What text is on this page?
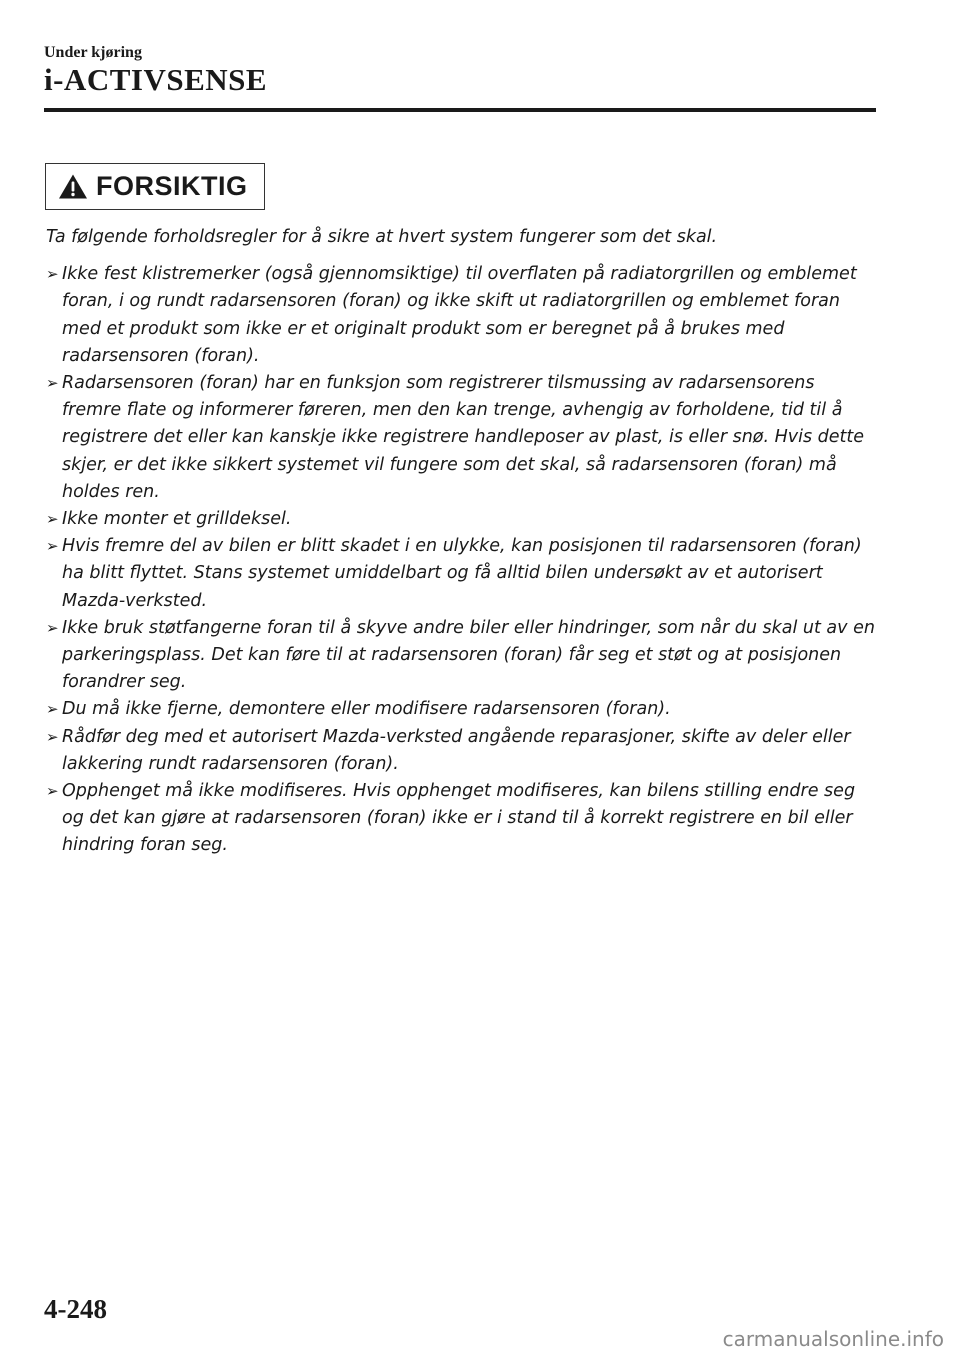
Under kjøring
i-ACTIVSENSE
FORSIKTIG

Ta følgende forholdsregler for å sikre at hvert system fungerer som det skal.

➢ Ikke fest klistremerker (også gjennomsiktige) til overflaten på radiatorgrillen og emblemet foran, i og rundt radarsensoren (foran) og ikke skift ut radiatorgrillen og emblemet foran med et produkt som ikke er et originalt produkt som er beregnet på å brukes med radarsensoren (foran).
➢ Radarsensoren (foran) har en funksjon som registrerer tilsmussing av radarsensorens fremre flate og informerer føreren, men den kan trenge, avhengig av forholdene, tid til å registrere det eller kan kanskje ikke registrere handleposer av plast, is eller snø. Hvis dette skjer, er det ikke sikkert systemet vil fungere som det skal, så radarsensoren (foran) må holdes ren.
➢ Ikke monter et grilldeksel.
➢ Hvis fremre del av bilen er blitt skadet i en ulykke, kan posisjonen til radarsensoren (foran) ha blitt flyttet. Stans systemet umiddelbart og få alltid bilen undersøkt av et autorisert Mazda-verksted.
➢ Ikke bruk støtfangerne foran til å skyve andre biler eller hindringer, som når du skal ut av en parkeringsplass. Det kan føre til at radarsensoren (foran) får seg et støt og at posisjonen forandrer seg.
➢ Du må ikke fjerne, demontere eller modifisere radarsensoren (foran).
➢ Rådfør deg med et autorisert Mazda-verksted angående reparasjoner, skifte av deler eller lakkering rundt radarsensoren (foran).
➢ Opphenget må ikke modifiseres. Hvis opphenget modifiseres, kan bilens stilling endre seg og det kan gjøre at radarsensoren (foran) ikke er i stand til å korrekt registrere en bil eller hindring foran seg.
4-248
carmanualsonline.info
